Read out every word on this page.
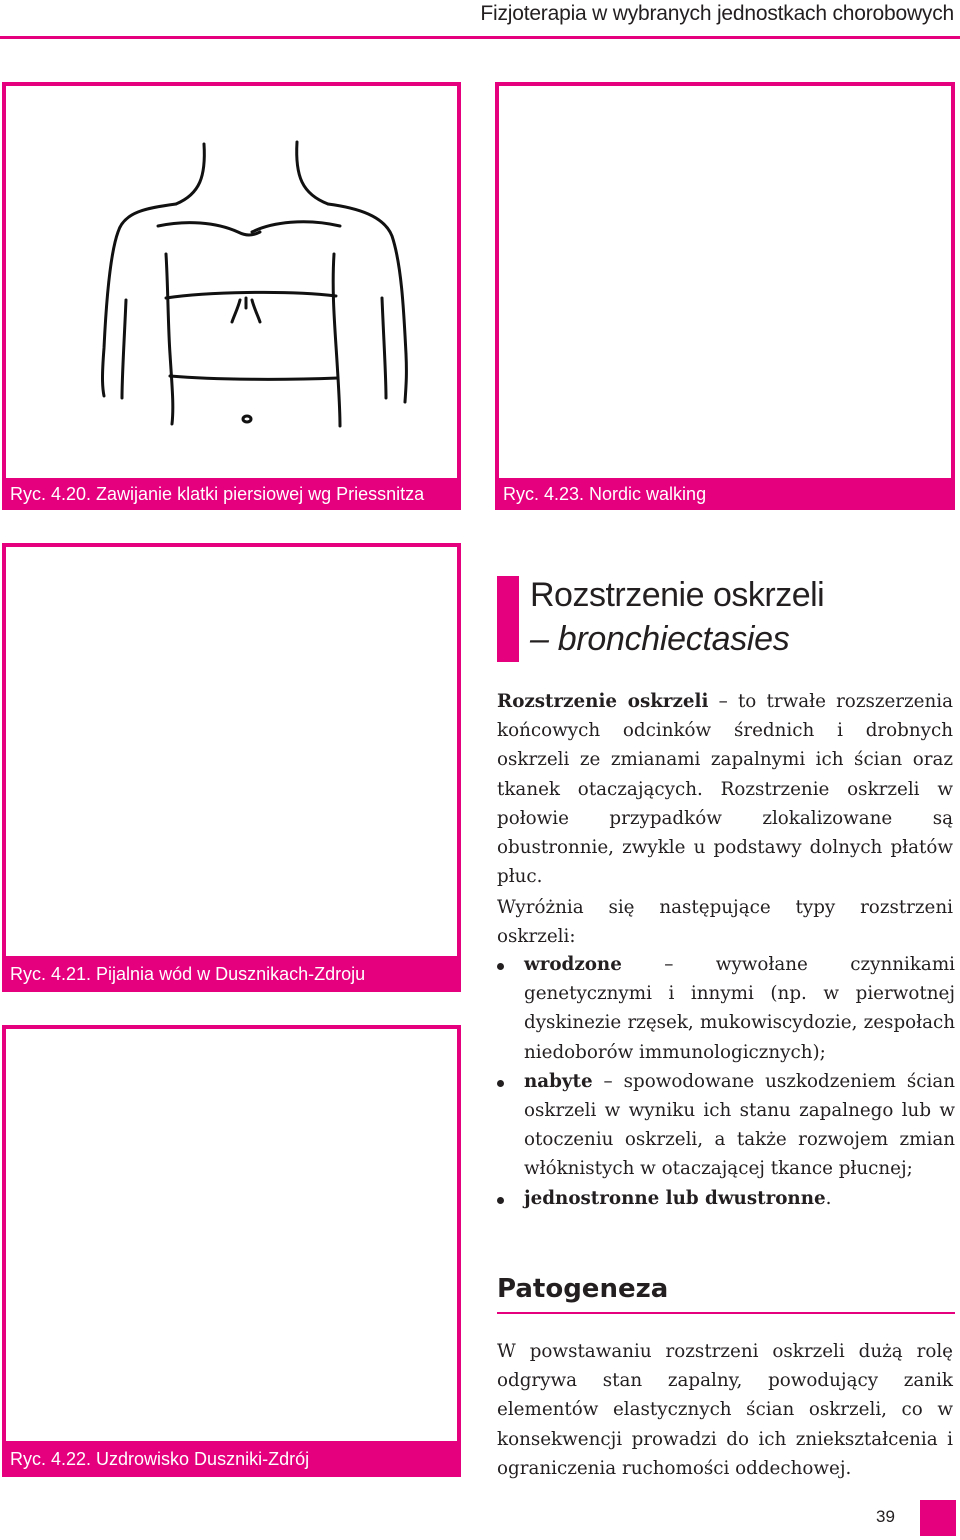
Fizjoterapia w wybranych jednostkach chorobowych
Ryc. 4.20. Zawijanie klatki piersiowej wg Priessnitza	Ryc. 4.23. Nordic walking
Ryc. 4.21. Pijalnia wód w Dusznikach-Zdroju
Ryc. 4.22. Uzdrowisko Duszniki-Zdrój
Rozstrzenie oskrzeli
– bronchiectasies
Rozstrzenie oskrzeli – to trwałe rozszerzenia końcowych odcinków średnich i drobnych oskrzeli ze zmianami zapalnymi ich ścian oraz tkanek otaczających. Rozstrzenie oskrzeli w połowie przypadków zlokalizowane są obustronnie, zwykle u podstawy dolnych płatów płuc.
Wyróżnia się następujące typy rozstrzeni oskrzeli:
wrodzone – wywołane czynnikami genetycznymi i innymi (np. w pierwotnej dyskinezie rzęsek, mukowiscydozie, zespołach niedoborów immunologicznych);
nabyte – spowodowane uszkodzeniem ścian oskrzeli w wyniku ich stanu zapalnego lub w otoczeniu oskrzeli, a także rozwojem zmian włóknistych w otaczającej tkance płucnej;
jednostronne lub dwustronne.
Patogeneza
W powstawaniu rozstrzeni oskrzeli dużą rolę odgrywa stan zapalny, powodujący zanik elementów elastycznych ścian oskrzeli, co w konsekwencji prowadzi do ich zniekształcenia i ograniczenia ruchomości oddechowej.
39
